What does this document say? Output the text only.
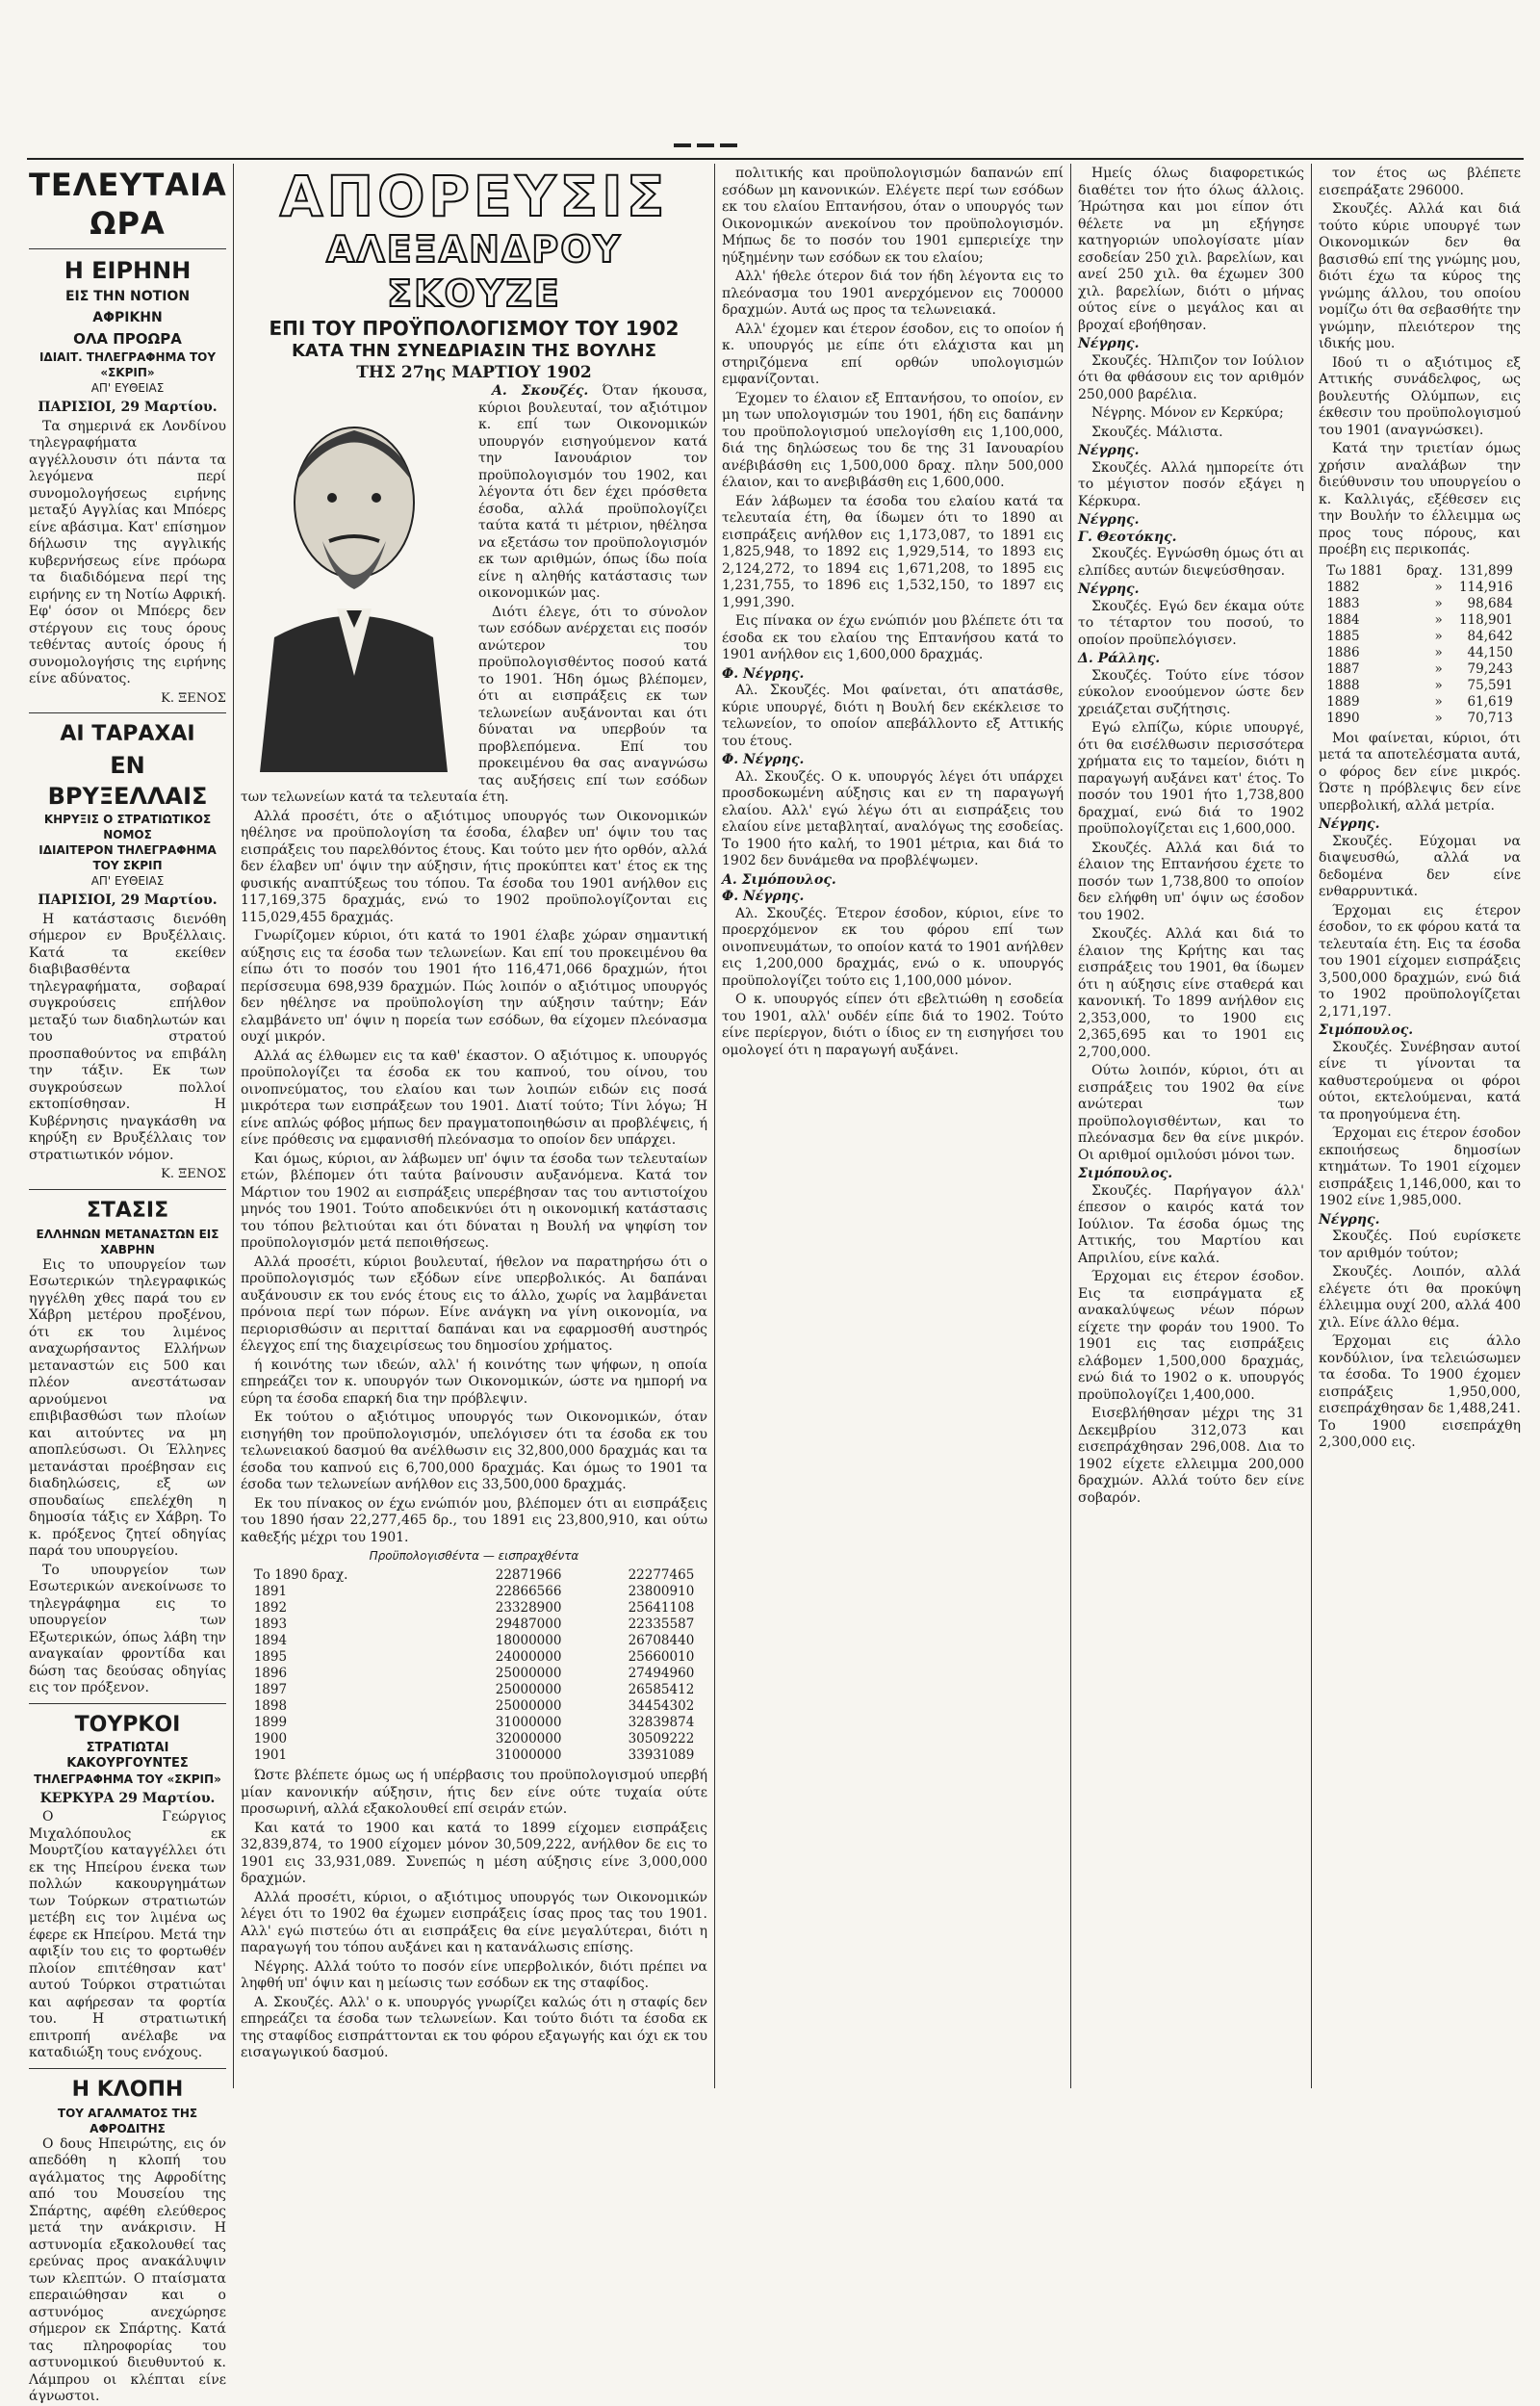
ΤΕΛΕΥΤΑΙΑ ΩΡΑ
Η ΕΙΡΗΝΗ
ΕΙΣ ΤΗΝ ΝΟΤΙΟΝ ΑΦΡΙΚΗΝ
ΟΛΑ ΠΡΟΩΡΑ
ΙΔΙΑΙΤ. ΤΗΛΕΓΡΑΦΗΜΑ ΤΟΥ «ΣΚΡΙΠ»
ΑΠ' ΕΥΘΕΙΑΣ
ΠΑΡΙΣΙΟΙ, 29 Μαρτίου.

Τα σημερινά εκ Λονδίνου τηλεγραφήματα αγγέλλουσιν ότι πάντα τα λεγόμενα περί συνομολογήσεως ειρήνης μεταξύ Αγγλίας και Μπόερς είνε αβάσιμα. Κατ' επίσημον δήλωσιν της αγγλικής κυβερνήσεως είνε πρόωρα τα διαδιδόμενα περί της ειρήνης εν τη Νοτίω Αφρική. Εφ' όσον οι Μπόερς δεν στέργουν εις τους όρους τεθέντας αυτοίς όρους ή συνομολογήσις της ειρήνης είνε αδύνατος.

Κ. ΞΕΝΟΣ
ΑΙ ΤΑΡΑΧΑΙ
ΕΝ ΒΡΥΞΕΛΛΑΙΣ
ΚΗΡΥΞΙΣ Ο ΣΤΡΑΤΙΩΤΙΚΟΣ ΝΟΜΟΣ
ΙΔΙΑΙΤΕΡΟΝ ΤΗΛΕΓΡΑΦΗΜΑ ΤΟΥ ΣΚΡΙΠ
ΑΠ' ΕΥΘΕΙΑΣ
ΠΑΡΙΣΙΟΙ, 29 Μαρτίου.

Η κατάστασις διενόθη σήμερον εν Βρυξέλλαις. Κατά τα εκείθεν διαβιβασθέντα τηλεγραφήματα, σοβαραί συγκρούσεις επήλθον μεταξύ των διαδηλωτών και του στρατού προσπαθούντος να επιβάλη την τάξιν. Εκ των συγκρούσεων πολλοί εκτοπίσθησαν. Η Κυβέρνησις ηναγκάσθη να κηρύξη εν Βρυξέλλαις τον στρατιωτικόν νόμον.

Κ. ΞΕΝΟΣ
ΣΤΑΣΙΣ
ΕΛΛΗΝΩΝ ΜΕΤΑΝΑΣΤΩΝ ΕΙΣ ΧΑΒΡΗΝ

Εις το υπουργείον των Εσωτερικών τηλεγραφικώς ηγγέλθη χθες παρά του εν Χάβρη μετέρου προξένου, ότι εκ του λιμένος αναχωρήσαντος Ελλήνων μεταναστών εις 500 και πλέον ανεστάτωσαν αρνούμενοι να επιβιβασθώσι των πλοίων και αιτούντες να μη αποπλεύσωσι. Οι Έλληνες μετανάσται προέβησαν εις διαδηλώσεις, εξ ων σπουδαίως επελέχθη η δημοσία τάξις εν Χάβρη. Το κ. πρόξενος ζητεί οδηγίας παρά του υπουργείου.

Το υπουργείον των Εσωτερικών ανεκοίνωσε το τηλεγράφημα εις το υπουργείον των Εξωτερικών, όπως λάβη την αναγκαίαν φροντίδα και δώση τας δεούσας οδηγίας εις τον πρόξενον.

ΤΟΥΡΚΟΙ
ΣΤΡΑΤΙΩΤΑΙ ΚΑΚΟΥΡΓΟΥΝΤΕΣ
ΤΗΛΕΓΡΑΦΗΜΑ ΤΟΥ «ΣΚΡΙΠ»
ΚΕΡΚΥΡΑ 29 Μαρτίου.

Ο Γεώργιος Μιχαλόπουλος εκ Μουρτζίου καταγγέλλει ότι εκ της Ηπείρου ένεκα των πολλών κακουργημάτων των Τούρκων στρατιωτών μετέβη εις τον λιμένα ως έφερε εκ Ηπείρου. Μετά την αφιξίν του εις το φορτωθέν πλοίον επιτέθησαν κατ' αυτού Τούρκοι στρατιώται και αφήρεσαν τα φορτία του. Η στρατιωτική επιτροπή ανέλαβε να καταδιώξη τους ενόχους.

Η ΚΛΟΠΗ
ΤΟΥ ΑΓΑΛΜΑΤΟΣ ΤΗΣ ΑΦΡΟΔΙΤΗΣ

Ο δους Ηπειρώτης, εις όν απεδόθη η κλοπή του αγάλματος της Αφροδίτης από του Μουσείου της Σπάρτης, αφέθη ελεύθερος μετά την ανάκρισιν. Η αστυνομία εξακολουθεί τας ερεύνας προς ανακάλυψιν των κλεπτών. Ο πταίσματα επεραιώθησαν και ο αστυνόμος ανεχώρησε σήμερον εκ Σπάρτης. Κατά τας πληροφορίας του αστυνομικού διευθυντού κ. Λάμπρου οι κλέπται είνε άγνωστοι.

ΑΠΟΡΕΥΣΙΣ
ΑΛΕΞΑΝΔΡΟΥ ΣΚΟΥΖΕ
ΕΠΙ ΤΟΥ ΠΡΟΫΠΟΛΟΓΙΣΜΟΥ ΤΟΥ 1902
ΚΑΤΑ ΤΗΝ ΣΥΝΕΔΡΙΑΣΙΝ ΤΗΣ ΒΟΥΛΗΣ
ΤΗΣ 27ης ΜΑΡΤΙΟΥ 1902

Α. Σκουζές. Όταν ήκουσα, κύριοι βουλευταί, τον αξιότιμον κ. επί των Οικονομικών υπουργόν εισηγούμενον κατά την Ιανουάριον τον προϋπολογισμόν του 1902, και λέγοντα ότι δεν έχει πρόσθετα έσοδα, αλλά προϋπολογίζει ταύτα κατά τι μέτριον, ηθέλησα να εξετάσω τον προϋπολογισμόν εκ των αριθμών, όπως ίδω ποία είνε η αληθής κατάστασις των οικονομικών μας.

Διότι έλεγε, ότι το σύνολον των εσόδων ανέρχεται εις ποσόν ανώτερον του προϋπολογισθέντος ποσού κατά το 1901. Ήδη όμως βλέπομεν, ότι αι εισπράξεις εκ των τελωνείων αυξάνονται και ότι δύναται να υπερβούν τα προβλεπόμενα. Επί του προκειμένου θα σας αναγνώσω τας αυξήσεις επί των εσόδων των τελωνείων κατά τα τελευταία έτη.

Αλλά προσέτι, ότε ο αξιότιμος υπουργός των Οικονομικών ηθέλησε να προϋπολογίση τα έσοδα, έλαβεν υπ' όψιν του τας εισπράξεις του παρελθόντος έτους. Και τούτο μεν ήτο ορθόν, αλλά δεν έλαβεν υπ' όψιν την αύξησιν, ήτις προκύπτει κατ' έτος εκ της φυσικής αναπτύξεως του τόπου. Τα έσοδα του 1901 ανήλθον εις 117,169,375 δραχμάς, ενώ το 1902 προϋπολογίζονται εις 115,029,455 δραχμάς.

Γνωρίζομεν κύριοι, ότι κατά το 1901 έλαβε χώραν σημαντική αύξησις εις τα έσοδα των τελωνείων. Και επί του προκειμένου θα είπω ότι το ποσόν του 1901 ήτο 116,471,066 δραχμών, ήτοι περίσσευμα 698,939 δραχμών. Πώς λοιπόν ο αξιότιμος υπουργός δεν ηθέλησε να προϋπολογίση την αύξησιν ταύτην; Εάν ελαμβάνετο υπ' όψιν η πορεία των εσόδων, θα είχομεν πλεόνασμα ουχί μικρόν.

Αλλά ας έλθωμεν εις τα καθ' έκαστον. Ο αξιότιμος κ. υπουργός προϋπολογίζει τα έσοδα εκ του καπνού, του οίνου, του οινοπνεύματος, του ελαίου και των λοιπών ειδών εις ποσά μικρότερα των εισπράξεων του 1901. Διατί τούτο; Τίνι λόγω; Ή είνε απλώς φόβος μήπως δεν πραγματοποιηθώσιν αι προβλέψεις, ή είνε πρόθεσις να εμφανισθή πλεόνασμα το οποίον δεν υπάρχει.

Και όμως, κύριοι, αν λάβωμεν υπ' όψιν τα έσοδα των τελευταίων ετών, βλέπομεν ότι ταύτα βαίνουσιν αυξανόμενα. Κατά τον Μάρτιον του 1902 αι εισπράξεις υπερέβησαν τας του αντιστοίχου μηνός του 1901. Τούτο αποδεικνύει ότι η οικονομική κατάστασις του τόπου βελτιούται και ότι δύναται η Βουλή να ψηφίση τον προϋπολογισμόν μετά πεποιθήσεως.

Αλλά προσέτι, κύριοι βουλευταί, ήθελον να παρατηρήσω ότι ο προϋπολογισμός των εξόδων είνε υπερβολικός. Αι δαπάναι αυξάνουσιν εκ του ενός έτους εις το άλλο, χωρίς να λαμβάνεται πρόνοια περί των πόρων. Είνε ανάγκη να γίνη οικονομία, να περιορισθώσιν αι περιτταί δαπάναι και να εφαρμοσθή αυστηρός έλεγχος επί της διαχειρίσεως του δημοσίου χρήματος.

ή κοινότης των ιδεών, αλλ' ή κοινότης των ψήφων, η οποία επηρεάζει τον κ. υπουργόν των Οικονομικών, ώστε να ημπορή να εύρη τα έσοδα επαρκή δια την πρόβλεψιν.

Εκ τούτου ο αξιότιμος υπουργός των Οικονομικών, όταν εισηγήθη τον προϋπολογισμόν, υπελόγισεν ότι τα έσοδα εκ του τελωνειακού δασμού θα ανέλθωσιν εις 32,800,000 δραχμάς και τα έσοδα του καπνού εις 6,700,000 δραχμάς. Και όμως το 1901 τα έσοδα των τελωνείων ανήλθον εις 33,500,000 δραχμάς.

Εκ του πίνακος ον έχω ενώπιόν μου, βλέπομεν ότι αι εισπράξεις του 1890 ήσαν 22,277,465 δρ., του 1891 εις 23,800,910, και ούτω καθεξής μέχρι του 1901.

Προϋπολογισθέντα — εισπραχθέντα
Το 1890 δραχ.	22871966	22277465
1891	22866566	23800910
1892	23328900	25641108
1893	29487000	22335587
1894	18000000	26708440
1895	24000000	25660010
1896	25000000	27494960
1897	25000000	26585412
1898	25000000	34454302
1899	31000000	32839874
1900	32000000	30509222
1901	31000000	33931089

Ώστε βλέπετε όμως ως ή υπέρβασις του προϋπολογισμού υπερβή μίαν κανονικήν αύξησιν, ήτις δεν είνε ούτε τυχαία ούτε προσωρινή, αλλά εξακολουθεί επί σειράν ετών.

Και κατά το 1900 και κατά το 1899 είχομεν εισπράξεις 32,839,874, το 1900 είχομεν μόνον 30,509,222, ανήλθον δε εις το 1901 εις 33,931,089. Συνεπώς η μέση αύξησις είνε 3,000,000 δραχμών.

Αλλά προσέτι, κύριοι, ο αξιότιμος υπουργός των Οικονομικών λέγει ότι το 1902 θα έχωμεν εισπράξεις ίσας προς τας του 1901. Αλλ' εγώ πιστεύω ότι αι εισπράξεις θα είνε μεγαλύτεραι, διότι η παραγωγή του τόπου αυξάνει και η κατανάλωσις επίσης.

Νέγρης. Αλλά τούτο το ποσόν είνε υπερβολικόν, διότι πρέπει να ληφθή υπ' όψιν και η μείωσις των εσόδων εκ της σταφίδος.

Α. Σκουζές. Αλλ' ο κ. υπουργός γνωρίζει καλώς ότι η σταφίς δεν επηρεάζει τα έσοδα των τελωνείων. Και τούτο διότι τα έσοδα εκ της σταφίδος εισπράττονται εκ του φόρου εξαγωγής και όχι εκ του εισαγωγικού δασμού.

πολιτικής και προϋπολογισμών δαπανών επί εσόδων μη κανονικών. Ελέγετε περί των εσόδων εκ του ελαίου Επτανήσου, όταν ο υπουργός των Οικονομικών ανεκοίνου τον προϋπολογισμόν. Μήπως δε το ποσόν του 1901 εμπεριείχε την ηύξημένην των εσόδων εκ του ελαίου;

Αλλ' ήθελε ότερον διά τον ήδη λέγοντα εις το πλεόνασμα του 1901 ανερχόμενον εις 700000 δραχμών. Αυτά ως προς τα τελωνειακά.

Αλλ' έχομεν και έτερον έσοδον, εις το οποίον ή κ. υπουργός με είπε ότι ελάχιστα και μη στηριζόμενα επί ορθών υπολογισμών εμφανίζονται.

Έχομεν το έλαιον εξ Επτανήσου, το οποίον, εν μη των υπολογισμών του 1901, ήδη εις δαπάνην του προϋπολογισμού υπελογίσθη εις 1,100,000, διά της δηλώσεως του δε της 31 Ιανουαρίου ανέβιβάσθη εις 1,500,000 δραχ. πλην 500,000 έλαιον, και το ανεβιβάσθη εις 1,600,000.

Εάν λάβωμεν τα έσοδα του ελαίου κατά τα τελευταία έτη, θα ίδωμεν ότι το 1890 αι εισπράξεις ανήλθον εις 1,173,087, το 1891 εις 1,825,948, το 1892 εις 1,929,514, το 1893 εις 2,124,272, το 1894 εις 1,671,208, το 1895 εις 1,231,755, το 1896 εις 1,532,150, το 1897 εις 1,991,390.

Εις πίνακα ον έχω ενώπιόν μου βλέπετε ότι τα έσοδα εκ του ελαίου της Επτανήσου κατά το 1901 ανήλθον εις 1,600,000 δραχμάς.

Φ. Νέγρης.

Αλ. Σκουζές. Μοι φαίνεται, ότι απατάσθε, κύριε υπουργέ, διότι η Βουλή δεν εκέκλεισε το τελωνείον, το οποίον απεβάλλοντο εξ Αττικής του έτους.

Φ. Νέγρης.

Αλ. Σκουζές. Ο κ. υπουργός λέγει ότι υπάρχει προσδοκωμένη αύξησις και εν τη παραγωγή ελαίου. Αλλ' εγώ λέγω ότι αι εισπράξεις του ελαίου είνε μεταβληταί, αναλόγως της εσοδείας. Το 1900 ήτο καλή, το 1901 μέτρια, και διά το 1902 δεν δυνάμεθα να προβλέψωμεν.

Α. Σιμόπουλος.
Φ. Νέγρης.

Αλ. Σκουζές. Έτερον έσοδον, κύριοι, είνε το προερχόμενον εκ του φόρου επί των οινοπνευμάτων, το οποίον κατά το 1901 ανήλθεν εις 1,200,000 δραχμάς, ενώ ο κ. υπουργός προϋπολογίζει τούτο εις 1,100,000 μόνον.

Ο κ. υπουργός είπεν ότι εβελτιώθη η εσοδεία του 1901, αλλ' ουδέν είπε διά το 1902. Τούτο είνε περίεργον, διότι ο ίδιος εν τη εισηγήσει του ομολογεί ότι η παραγωγή αυξάνει.

Ημείς όλως διαφορετικώς διαθέτει τον ήτο όλως άλλοις. Ήρώτησα και μοι είπον ότι θέλετε να μη εξήγησε κατηγοριών υπολογίσατε μίαν εσοδείαν 250 χιλ. βαρελίων, και ανεί 250 χιλ. θα έχωμεν 300 χιλ. βαρελίων, διότι ο μήνας ούτος είνε ο μεγάλος και αι βροχαί εβοήθησαν.

Νέγρης.

Σκουζές. Ήλπιζον τον Ιούλιον ότι θα φθάσουν εις τον αριθμόν 250,000 βαρέλια.

Νέγρης. Μόνον εν Κερκύρα;

Σκουζές. Μάλιστα.

Νέγρης.

Σκουζές. Αλλά ημπορείτε ότι το μέγιστον ποσόν εξάγει η Κέρκυρα.

Νέγρης.
Γ. Θεοτόκης.

Σκουζές. Εγνώσθη όμως ότι αι ελπίδες αυτών διεψεύσθησαν.

Νέγρης.

Σκουζές. Εγώ δεν έκαμα ούτε το τέταρτον του ποσού, το οποίον προϋπελόγισεν.

Δ. Ράλλης.

Σκουζές. Τούτο είνε τόσον εύκολον ενοούμενον ώστε δεν χρειάζεται συζήτησις.

Εγώ ελπίζω, κύριε υπουργέ, ότι θα εισέλθωσιν περισσότερα χρήματα εις το ταμείον, διότι η παραγωγή αυξάνει κατ' έτος. Το ποσόν του 1901 ήτο 1,738,800 δραχμαί, ενώ διά το 1902 προϋπολογίζεται εις 1,600,000.

Σκουζές. Αλλά και διά το έλαιον της Επτανήσου έχετε το ποσόν των 1,738,800 το οποίον δεν ελήφθη υπ' όψιν ως έσοδον του 1902.

Σκουζές. Αλλά και διά το έλαιον της Κρήτης και τας εισπράξεις του 1901, θα ίδωμεν ότι η αύξησις είνε σταθερά και κανονική. Το 1899 ανήλθον εις 2,353,000, το 1900 εις 2,365,695 και το 1901 εις 2,700,000.

Ούτω λοιπόν, κύριοι, ότι αι εισπράξεις του 1902 θα είνε ανώτεραι των προϋπολογισθέντων, και το πλεόνασμα δεν θα είνε μικρόν. Οι αριθμοί ομιλούσι μόνοι των.

Σιμόπουλος.

Σκουζές. Παρήγαγον άλλ' έπεσον ο καιρός κατά τον Ιούλιον. Τα έσοδα όμως της Αττικής, του Μαρτίου και Απριλίου, είνε καλά.

Έρχομαι εις έτερον έσοδον. Εις τα εισπράγματα εξ ανακαλύψεως νέων πόρων είχετε την φοράν του 1900. Το 1901 εις τας εισπράξεις ελάβομεν 1,500,000 δραχμάς, ενώ διά το 1902 ο κ. υπουργός προϋπολογίζει 1,400,000.

Εισεβλήθησαν μέχρι της 31 Δεκεμβρίου 312,073 και εισεπράχθησαν 296,008. Δια το 1902 είχετε ελλειμμα 200,000 δραχμών. Αλλά τούτο δεν είνε σοβαρόν.

τον έτος ως βλέπετε εισεπράξατε 296000.

Σκουζές. Αλλά και διά τούτο κύριε υπουργέ των Οικονομικών δεν θα βασισθώ επί της γνώμης μου, διότι έχω τα κύρος της γνώμης άλλου, του οποίου νομίζω ότι θα σεβασθήτε την γνώμην, πλειότερον της ιδικής μου.

Ιδού τι ο αξιότιμος εξ Αττικής συνάδελφος, ως βουλευτής Ολύμπων, εις έκθεσιν του προϋπολογισμού του 1901 (αναγνώσκει).

Κατά την τριετίαν όμως χρήσιν αναλάβων την διεύθυνσιν του υπουργείου ο κ. Καλλιγάς, εξέθεσεν εις την Βουλήν το έλλειμμα ως προς τους πόρους, και προέβη εις περικοπάς.

Τω 1881	δραχ.	131,899
1882	»	114,916
1883	»	98,684
1884	»	118,901
1885	»	84,642
1886	»	44,150
1887	»	79,243
1888	»	75,591
1889	»	61,619
1890	»	70,713

Μοι φαίνεται, κύριοι, ότι μετά τα αποτελέσματα αυτά, ο φόρος δεν είνε μικρός. Ώστε η πρόβλεψις δεν είνε υπερβολική, αλλά μετρία.

Νέγρης.

Σκουζές. Εύχομαι να διαψευσθώ, αλλά να δεδομένα δεν είνε ενθαρρυντικά.

Έρχομαι εις έτερον έσοδον, το εκ φόρου κατά τα τελευταία έτη. Εις τα έσοδα του 1901 είχομεν εισπράξεις 3,500,000 δραχμών, ενώ διά το 1902 προϋπολογίζεται 2,171,197.

Σιμόπουλος.

Σκουζές. Συνέβησαν αυτοί είνε τι γίνονται τα καθυστερούμενα οι φόροι ούτοι, εκτελούμεναι, κατά τα προηγούμενα έτη.

Έρχομαι εις έτερον έσοδον εκποιήσεως δημοσίων κτημάτων. Το 1901 είχομεν εισπράξεις 1,146,000, και το 1902 είνε 1,985,000.

Νέγρης.

Σκουζές. Πού ευρίσκετε τον αριθμόν τούτον;

Σκουζές. Λοιπόν, αλλά ελέγετε ότι θα προκύψη έλλειμμα ουχί 200, αλλά 400 χιλ. Είνε άλλο θέμα.

Έρχομαι εις άλλο κονδύλιον, ίνα τελειώσωμεν τα έσοδα. Το 1900 έχομεν εισπράξεις 1,950,000, εισεπράχθησαν δε 1,488,241. Το 1900 εισεπράχθη 2,300,000 εις.
